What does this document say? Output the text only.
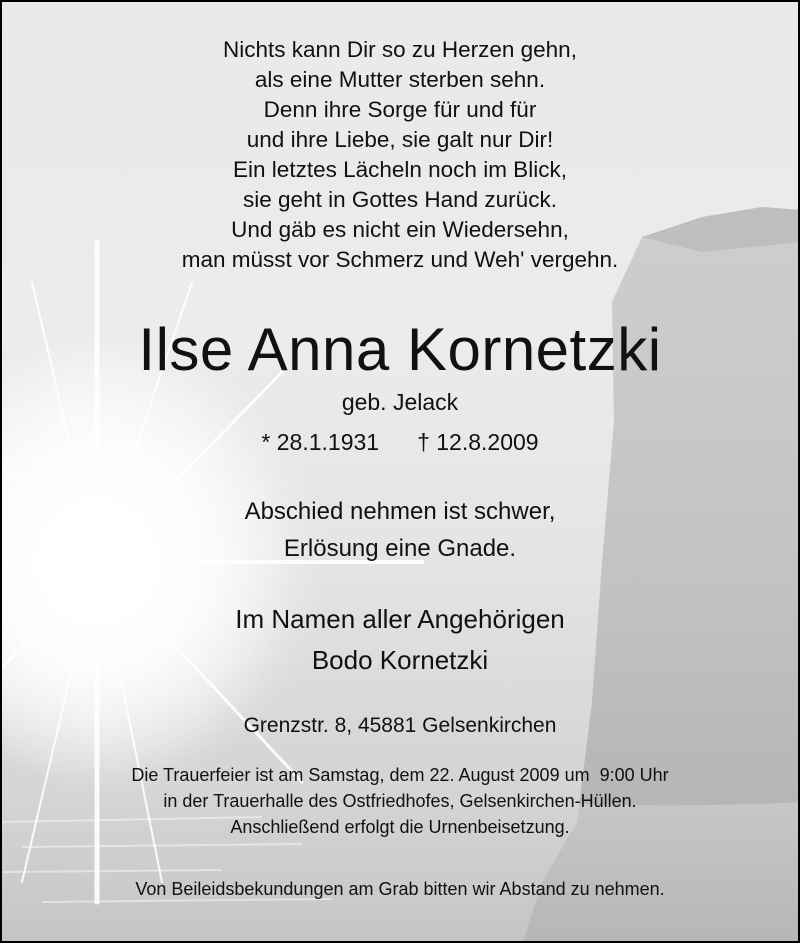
Nichts kann Dir so zu Herzen gehn,
als eine Mutter sterben sehn.
Denn ihre Sorge für und für
und ihre Liebe, sie galt nur Dir!
Ein letztes Lächeln noch im Blick,
sie geht in Gottes Hand zurück.
Und gäb es nicht ein Wiedersehn,
man müsst vor Schmerz und Weh' vergehn.
Ilse Anna Kornetzki
geb. Jelack
* 28.1.1931 † 12.8.2009
Abschied nehmen ist schwer,
Erlösung eine Gnade.
Im Namen aller Angehörigen
Bodo Kornetzki
Grenzstr. 8, 45881 Gelsenkirchen
Die Trauerfeier ist am Samstag, dem 22. August 2009 um  9:00 Uhr
in der Trauerhalle des Ostfriedhofes, Gelsenkirchen-Hüllen.
Anschließend erfolgt die Urnenbeisetzung.
Von Beileidsbekundungen am Grab bitten wir Abstand zu nehmen.
